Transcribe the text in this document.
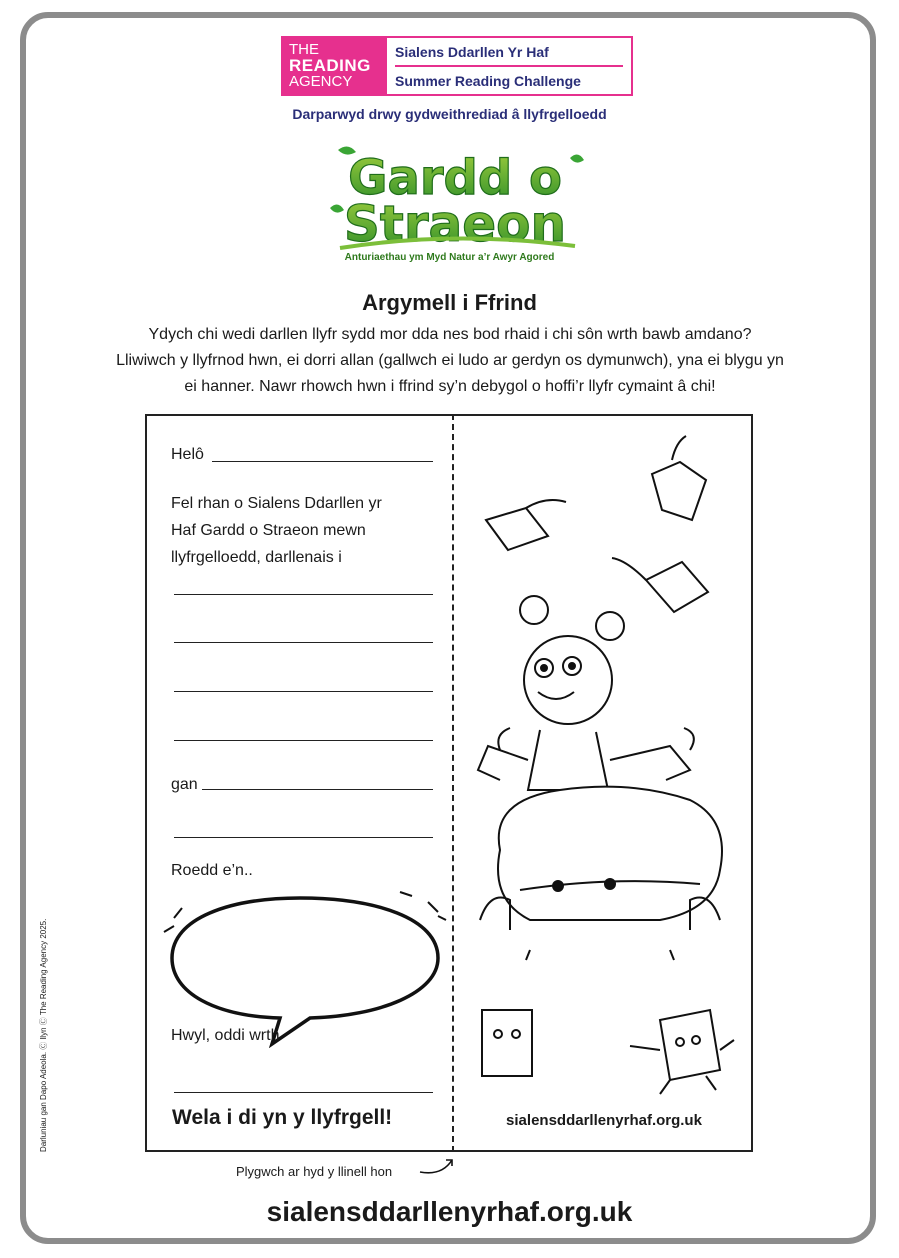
THE
READING
AGENCY
Sialens Ddarllen Yr Haf
Summer Reading Challenge
Darparwyd drwy gydweithrediad â llyfrgelloedd
Gardd o
Straeon
Anturiaethau ym Myd Natur a’r Awyr Agored
Argymell i Ffrind
Ydych chi wedi darllen llyfr sydd mor dda nes bod rhaid i chi sôn wrth bawb amdano?
Lliwiwch y llyfrnod hwn, ei dorri allan (gallwch ei ludo ar gerdyn os dymunwch), yna ei blygu yn ei hanner. Nawr rhowch hwn i ffrind sy’n debygol o hoffi’r llyfr cymaint â chi!
Helô
Fel rhan o Sialens Ddarllen yr
Haf Gardd o Straeon mewn
llyfrgelloedd, darllenais i
gan
Roedd e’n..
Hwyl, oddi wrth
Wela i di yn y llyfrgell!	sialensddarllenyrhaf.org.uk
Plygwch ar hyd y llinell hon
sialensddarllenyrhaf.org.uk
Darluniau gan Dapo Adeola. Ⓒ llyn Ⓒ The Reading Agency 2025.
